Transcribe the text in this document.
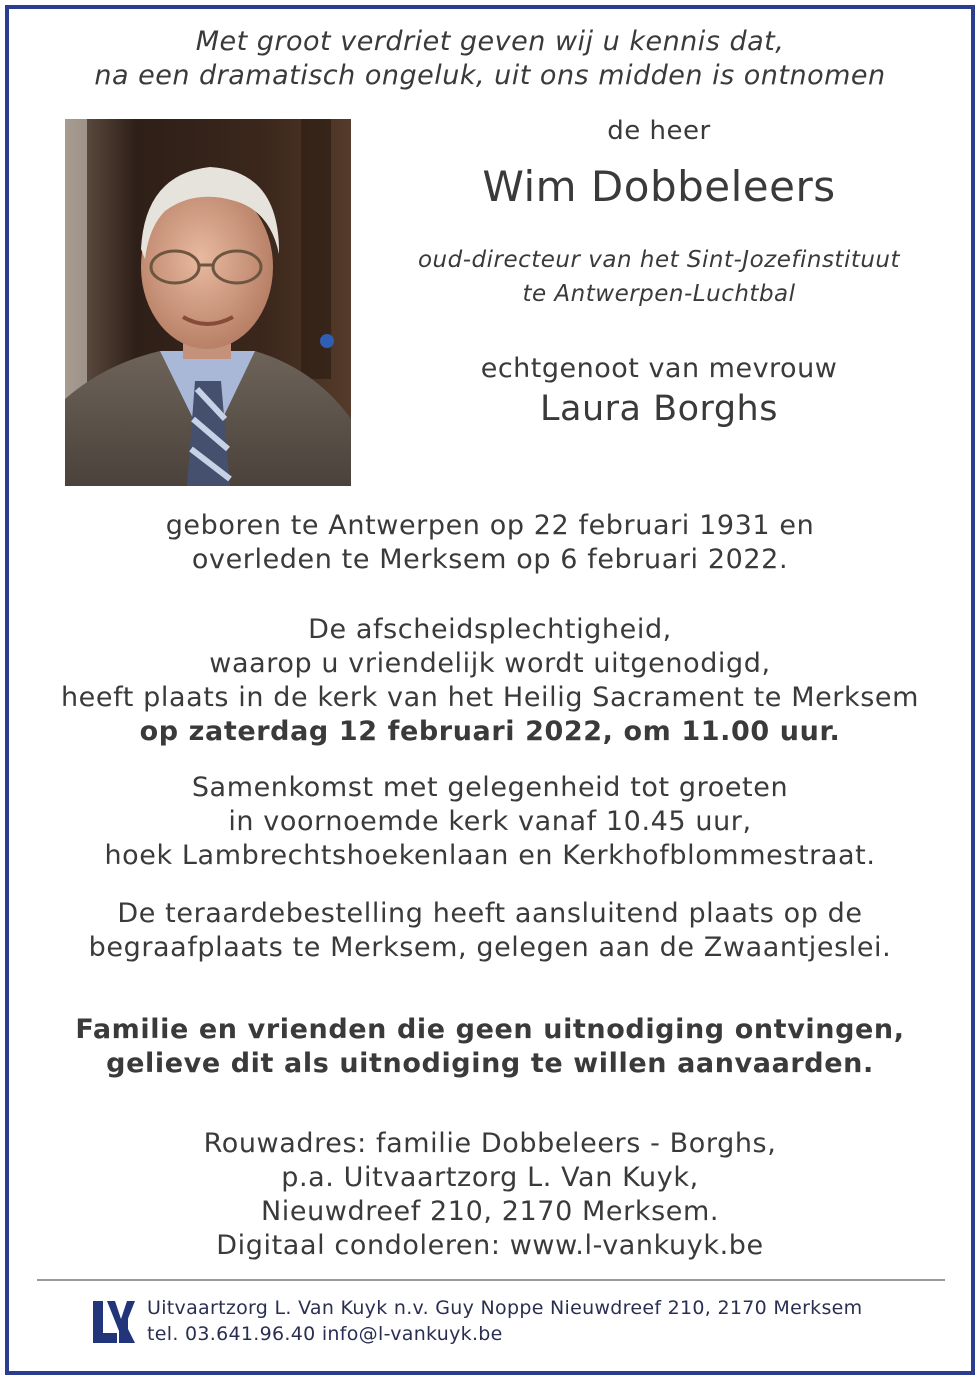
Met groot verdriet geven wij u kennis dat,
na een dramatisch ongeluk, uit ons midden is ontnomen
de heer
Wim Dobbeleers
oud-directeur van het Sint-Jozefinstituut
te Antwerpen-Luchtbal
echtgenoot van mevrouw
Laura Borghs
geboren te Antwerpen op 22 februari 1931 en
overleden te Merksem op 6 februari 2022.
De afscheidsplechtigheid,
waarop u vriendelijk wordt uitgenodigd,
heeft plaats in de kerk van het Heilig Sacrament te Merksem
op zaterdag 12 februari 2022, om 11.00 uur.
Samenkomst met gelegenheid tot groeten
in voornoemde kerk vanaf 10.45 uur,
hoek Lambrechtshoekenlaan en Kerkhofblommestraat.
De teraardebestelling heeft aansluitend plaats op de
begraafplaats te Merksem, gelegen aan de Zwaantjeslei.
Familie en vrienden die geen uitnodiging ontvingen,
gelieve dit als uitnodiging te willen aanvaarden.
Rouwadres: familie Dobbeleers - Borghs,
p.a. Uitvaartzorg L. Van Kuyk,
Nieuwdreef 210, 2170 Merksem.
Digitaal condoleren: www.l-vankuyk.be
Uitvaartzorg L. Van Kuyk n.v. Guy Noppe Nieuwdreef 210, 2170 Merksem
tel. 03.641.96.40 info@l-vankuyk.be
